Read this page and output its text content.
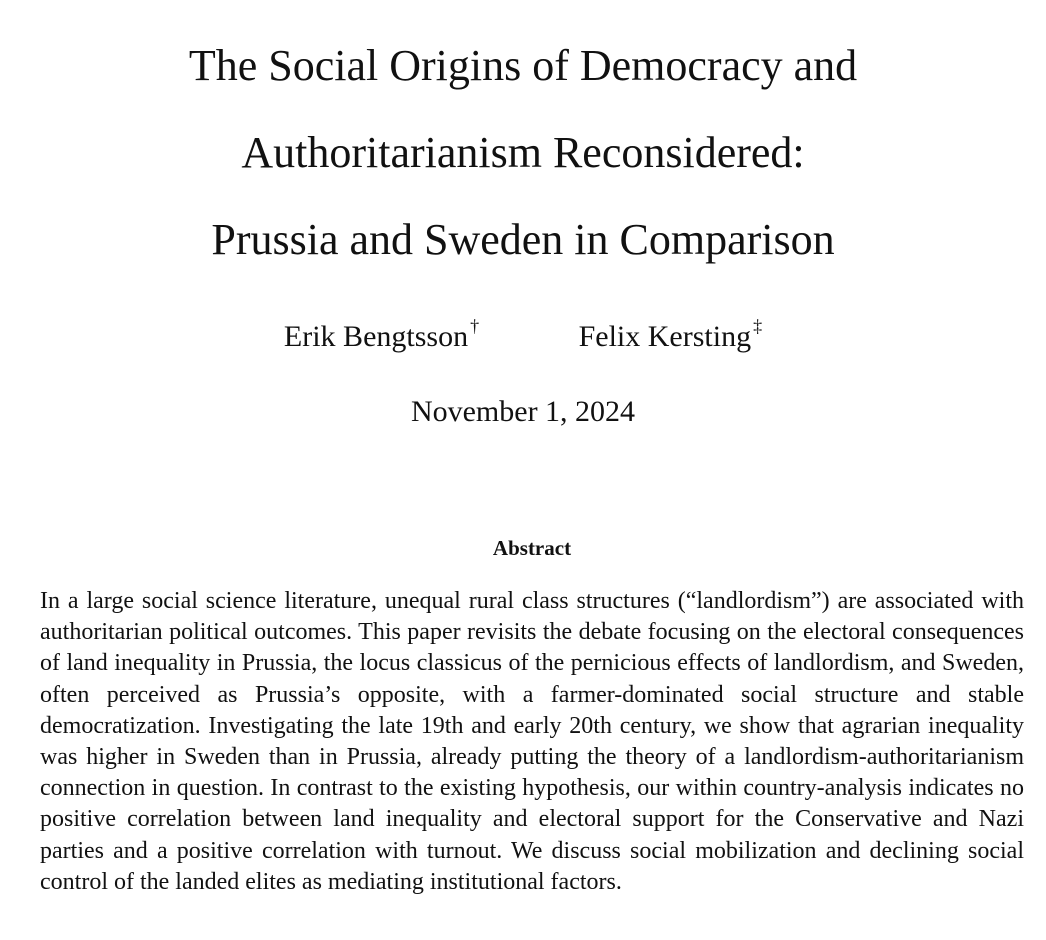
The Social Origins of Democracy and
Authoritarianism Reconsidered:
Prussia and Sweden in Comparison
Erik Bengtsson †	Felix Kersting ‡
November 1, 2024
Abstract

In a large social science literature, unequal rural class structures (“landlordism”) are associated with authoritarian political outcomes. This paper revisits the debate focusing on the electoral consequences of land inequality in Prussia, the locus classicus of the pernicious effects of landlordism, and Sweden, often perceived as Prussia’s opposite, with a farmer-dominated social structure and stable democratization. Investigating the late 19th and early 20th century, we show that agrarian inequality was higher in Sweden than in Prussia, already putting the theory of a landlordism-authoritarianism connection in question. In contrast to the existing hypothesis, our within country-analysis indicates no positive correlation between land inequality and electoral support for the Conservative and Nazi parties and a positive correlation with turnout. We discuss social mobilization and declining social control of the landed elites as mediating institutional factors.
